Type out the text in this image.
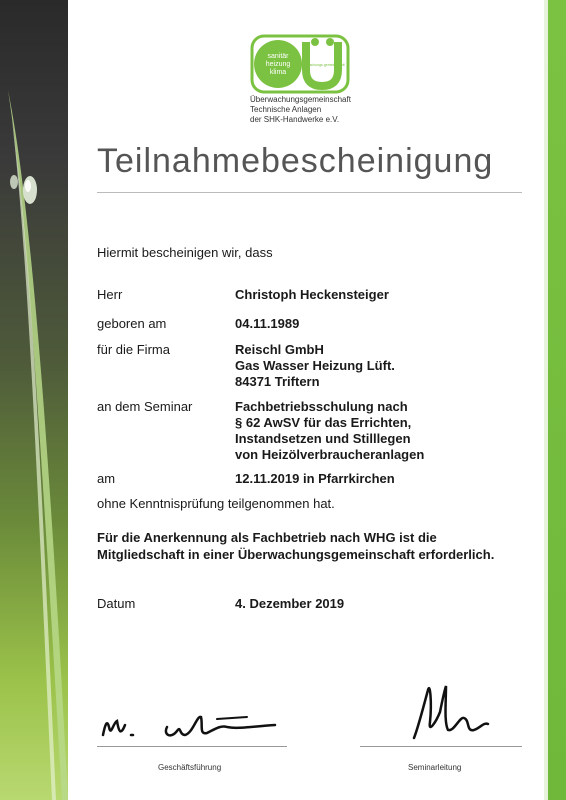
sanitär
heizung
klima
Überwachungs-gemeinschaft
Überwachungsgemeinschaft
Technische Anlagen
der SHK-Handwerke e.V.
Teilnahmebescheinigung
Hiermit bescheinigen wir, dass
Herr	Christoph Heckensteiger
geboren am	04.11.1989
für die Firma	Reischl GmbH
Gas Wasser Heizung Lüft.
84371 Triftern
an dem Seminar	Fachbetriebsschulung nach
§ 62 AwSV für das Errichten,
Instandsetzen und Stilllegen
von Heizölverbraucheranlagen
am	12.11.2019 in Pfarrkirchen
ohne Kenntnisprüfung teilgenommen hat.
Für die Anerkennung als Fachbetrieb nach WHG ist die Mitgliedschaft in einer Überwachungsgemeinschaft erforderlich.
Datum	4. Dezember 2019
Geschäftsführung	Seminarleitung
